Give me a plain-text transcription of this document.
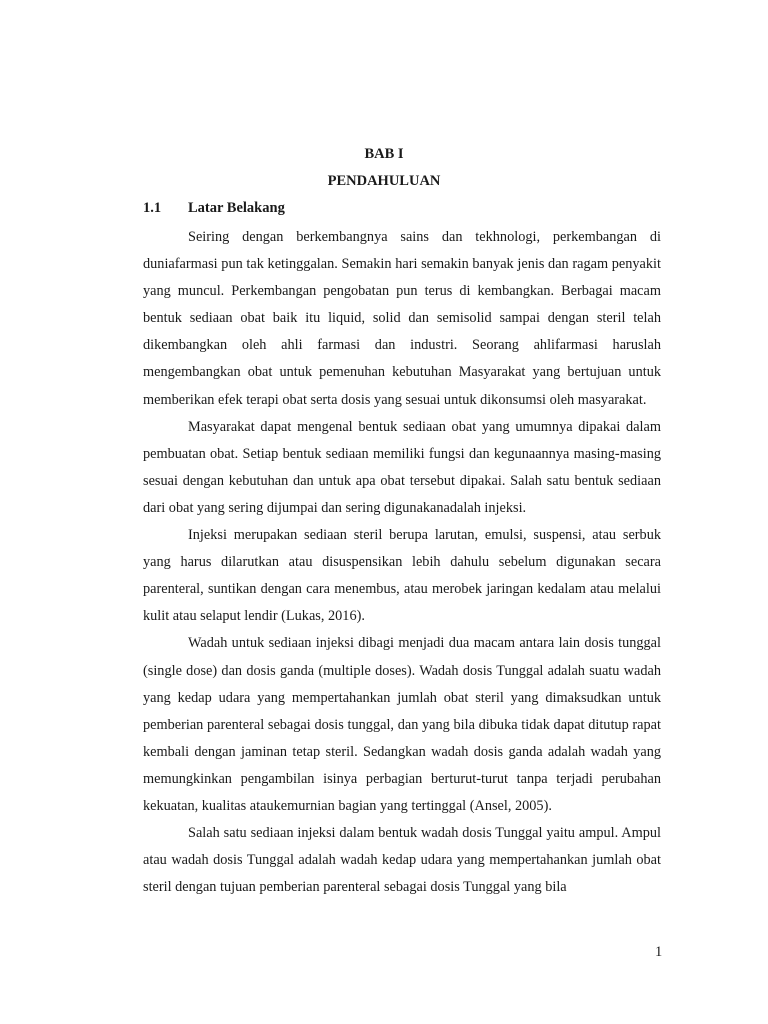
BAB I
PENDAHULUAN
1.1 Latar Belakang

Seiring dengan berkembangnya sains dan tekhnologi, perkembangan di duniafarmasi pun tak ketinggalan. Semakin hari semakin banyak jenis dan ragam penyakit yang muncul. Perkembangan pengobatan pun terus di kembangkan. Berbagai macam bentuk sediaan obat baik itu liquid, solid dan semisolid sampai dengan steril telah dikembangkan oleh ahli farmasi dan industri. Seorang ahlifarmasi haruslah mengembangkan obat untuk pemenuhan kebutuhan Masyarakat yang bertujuan untuk memberikan efek terapi obat serta dosis yang sesuai untuk dikonsumsi oleh masyarakat.

Masyarakat dapat mengenal bentuk sediaan obat yang umumnya dipakai dalam pembuatan obat. Setiap bentuk sediaan memiliki fungsi dan kegunaannya masing-masing sesuai dengan kebutuhan dan untuk apa obat tersebut dipakai. Salah satu bentuk sediaan dari obat yang sering dijumpai dan sering digunakanadalah injeksi.

Injeksi merupakan sediaan steril berupa larutan, emulsi, suspensi, atau serbuk yang harus dilarutkan atau disuspensikan lebih dahulu sebelum digunakan secara parenteral, suntikan dengan cara menembus, atau merobek jaringan kedalam atau melalui kulit atau selaput lendir (Lukas, 2016).

Wadah untuk sediaan injeksi dibagi menjadi dua macam antara lain dosis tunggal (single dose) dan dosis ganda (multiple doses). Wadah dosis Tunggal adalah suatu wadah yang kedap udara yang mempertahankan jumlah obat steril yang dimaksudkan untuk pemberian parenteral sebagai dosis tunggal, dan yang bila dibuka tidak dapat ditutup rapat kembali dengan jaminan tetap steril. Sedangkan wadah dosis ganda adalah wadah yang memungkinkan pengambilan isinya perbagian berturut-turut tanpa terjadi perubahan kekuatan, kualitas ataukemurnian bagian yang tertinggal (Ansel, 2005).

Salah satu sediaan injeksi dalam bentuk wadah dosis Tunggal yaitu ampul. Ampul atau wadah dosis Tunggal adalah wadah kedap udara yang mempertahankan jumlah obat steril dengan tujuan pemberian parenteral sebagai dosis Tunggal yang bila

1
